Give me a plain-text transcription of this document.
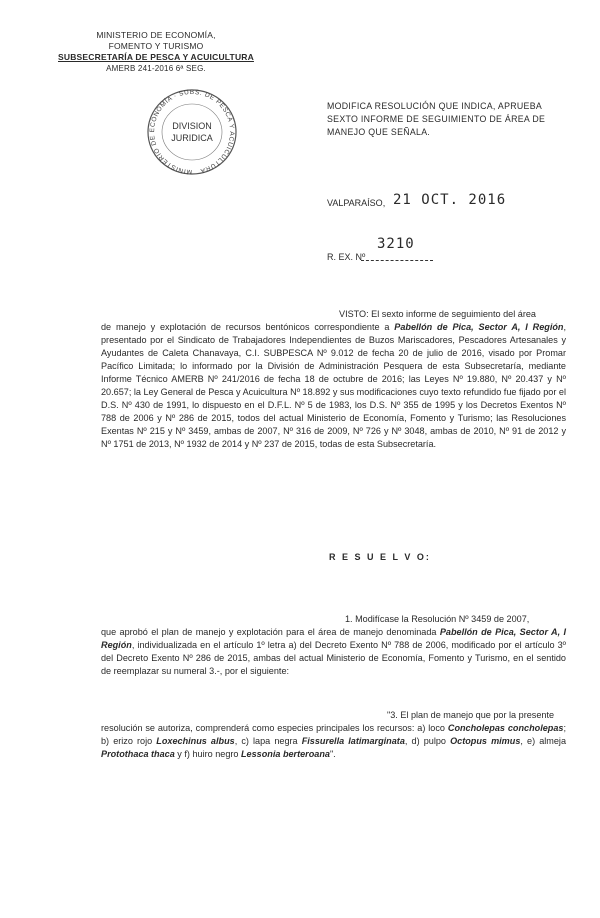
MINISTERIO DE ECONOMÍA,
FOMENTO Y TURISMO
SUBSECRETARÍA DE PESCA Y ACUICULTURA
AMERB 241-2016 6ª SEG.
MINISTERIO DE ECONOMÍA · SUBS. DE PESCA Y ACUICULTURA
DIVISION
JURIDICA
MODIFICA RESOLUCIÓN QUE INDICA, APRUEBA SEXTO INFORME DE SEGUIMIENTO DE ÁREA DE MANEJO QUE SEÑALA.
VALPARAÍSO, 21 OCT. 2016
R. EX. Nº
3210
VISTO: El sexto informe de seguimiento del área
de manejo y explotación de recursos bentónicos correspondiente a Pabellón de Pica, Sector A, I Región, presentado por el Sindicato de Trabajadores Independientes de Buzos Mariscadores, Pescadores Artesanales y Ayudantes de Caleta Chanavaya, C.I. SUBPESCA Nº 9.012 de fecha 20 de julio de 2016, visado por Promar Pacífico Limitada; lo informado por la División de Administración Pesquera de esta Subsecretaría, mediante Informe Técnico AMERB Nº 241/2016 de fecha 18 de octubre de 2016; las Leyes Nº 19.880, Nº 20.437 y Nº 20.657; la Ley General de Pesca y Acuicultura Nº 18.892 y sus modificaciones cuyo texto refundido fue fijado por el D.S. Nº 430 de 1991, lo dispuesto en el D.F.L. Nº 5 de 1983, los D.S. Nº 355 de 1995 y los Decretos Exentos Nº 788 de 2006 y Nº 286 de 2015, todos del actual Ministerio de Economía, Fomento y Turismo; las Resoluciones Exentas Nº 215 y Nº 3459, ambas de 2007, Nº 316 de 2009, Nº 726 y Nº 3048, ambas de 2010, Nº 91 de 2012 y Nº 1751 de 2013, Nº 1932 de 2014 y Nº 237 de 2015, todas de esta Subsecretaría.
R E S U E L V O:
1. Modifícase la Resolución Nº 3459 de 2007,
que aprobó el plan de manejo y explotación para el área de manejo denominada Pabellón de Pica, Sector A, I Región, individualizada en el artículo 1º letra a) del Decreto Exento Nº 788 de 2006, modificado por el artículo 3º del Decreto Exento Nº 286 de 2015, ambas del actual Ministerio de Economía, Fomento y Turismo, en el sentido de reemplazar su numeral 3.-, por el siguiente:
"3. El plan de manejo que por la presente
resolución se autoriza, comprenderá como especies principales los recursos: a) loco Concholepas concholepas; b) erizo rojo Loxechinus albus, c) lapa negra Fissurella latimarginata, d) pulpo Octopus mimus, e) almeja Protothaca thaca y f) huiro negro Lessonia berteroana".
